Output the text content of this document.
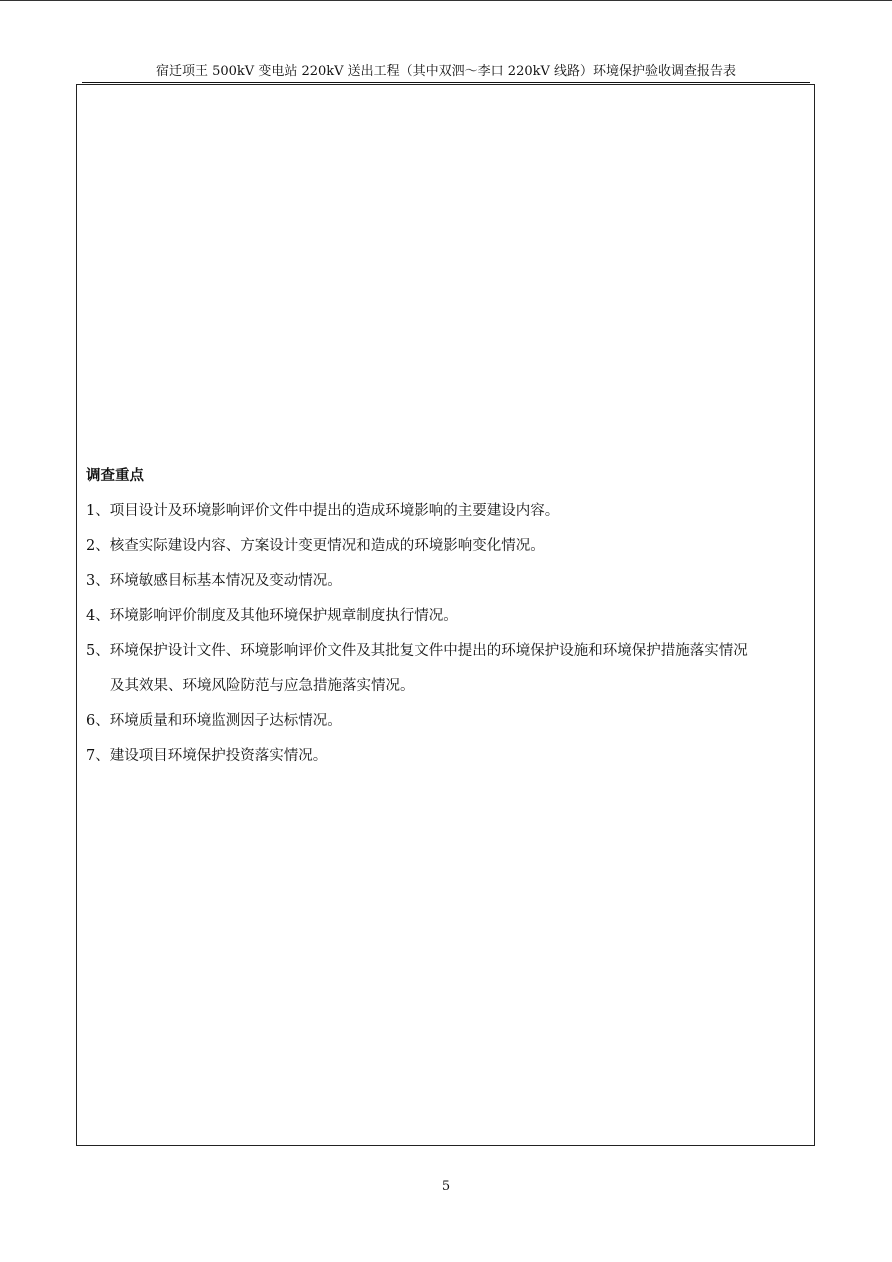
宿迁项王 500kV 变电站 220kV 送出工程（其中双泗～李口 220kV 线路）环境保护验收调查报告表
调查重点
1、项目设计及环境影响评价文件中提出的造成环境影响的主要建设内容。
2、核查实际建设内容、方案设计变更情况和造成的环境影响变化情况。
3、环境敏感目标基本情况及变动情况。
4、环境影响评价制度及其他环境保护规章制度执行情况。
5、环境保护设计文件、环境影响评价文件及其批复文件中提出的环境保护设施和环境保护措施落实情况
及其效果、环境风险防范与应急措施落实情况。
6、环境质量和环境监测因子达标情况。
7、建设项目环境保护投资落实情况。
5
